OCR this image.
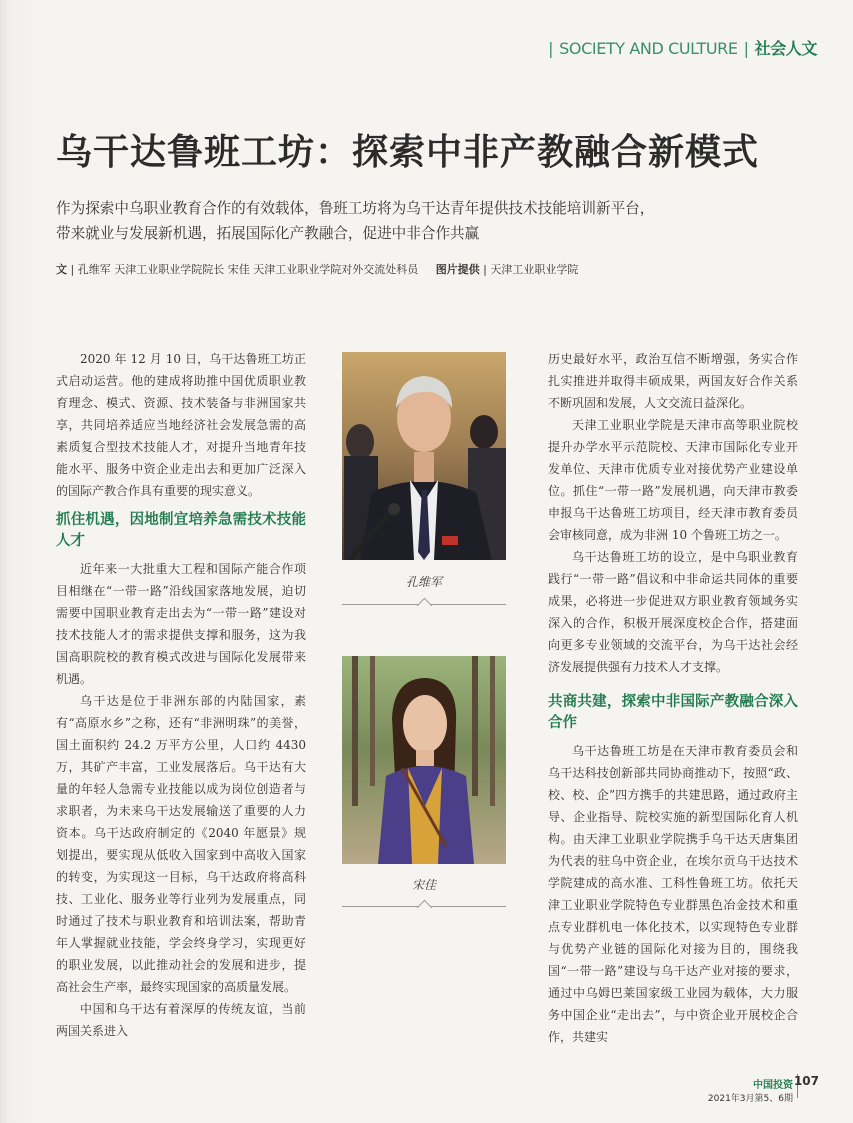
| SOCIETY AND CULTURE | 社会人文
乌干达鲁班工坊：探索中非产教融合新模式
作为探索中乌职业教育合作的有效载体，鲁班工坊将为乌干达青年提供技术技能培训新平台，
带来就业与发展新机遇，拓展国际化产教融合，促进中非合作共赢
文 | 孔维军 天津工业职业学院院长 宋佳 天津工业职业学院对外交流处科员 图片提供 | 天津工业职业学院

2020 年 12 月 10 日，乌干达鲁班工坊正式启动运营。他的建成将助推中国优质职业教育理念、模式、资源、技术装备与非洲国家共享，共同培养适应当地经济社会发展急需的高素质复合型技术技能人才，对提升当地青年技能水平、服务中资企业走出去和更加广泛深入的国际产教合作具有重要的现实意义。

抓住机遇，因地制宜培养急需技术技能人才

近年来一大批重大工程和国际产能合作项目相继在“一带一路”沿线国家落地发展，迫切需要中国职业教育走出去为“一带一路”建设对技术技能人才的需求提供支撑和服务，这为我国高职院校的教育模式改进与国际化发展带来机遇。

乌干达是位于非洲东部的内陆国家，素有“高原水乡”之称，还有“非洲明珠”的美誉，国土面积约 24.2 万平方公里，人口约 4430 万，其矿产丰富，工业发展落后。乌干达有大量的年轻人急需专业技能以成为岗位创造者与求职者，为未来乌干达发展输送了重要的人力资本。乌干达政府制定的《2040 年愿景》规划提出，要实现从低收入国家到中高收入国家的转变，为实现这一目标，乌干达政府将高科技、工业化、服务业等行业列为发展重点，同时通过了技术与职业教育和培训法案，帮助青年人掌握就业技能，学会终身学习，实现更好的职业发展，以此推动社会的发展和进步，提高社会生产率，最终实现国家的高质量发展。

中国和乌干达有着深厚的传统友谊，当前两国关系进入

孔维军
宋佳

历史最好水平，政治互信不断增强，务实合作扎实推进并取得丰硕成果，两国友好合作关系不断巩固和发展，人文交流日益深化。

天津工业职业学院是天津市高等职业院校提升办学水平示范院校、天津市国际化专业开发单位、天津市优质专业对接优势产业建设单位。抓住“一带一路”发展机遇，向天津市教委申报乌干达鲁班工坊项目，经天津市教育委员会审核同意，成为非洲 10 个鲁班工坊之一。

乌干达鲁班工坊的设立，是中乌职业教育践行“一带一路”倡议和中非命运共同体的重要成果，必将进一步促进双方职业教育领域务实深入的合作，积极开展深度校企合作，搭建面向更多专业领域的交流平台，为乌干达社会经济发展提供强有力技术人才支撑。

共商共建，探索中非国际产教融合深入合作

乌干达鲁班工坊是在天津市教育委员会和乌干达科技创新部共同协商推动下，按照“政、校、校、企”四方携手的共建思路，通过政府主导、企业指导、院校实施的新型国际化育人机构。由天津工业职业学院携手乌干达天唐集团为代表的驻乌中资企业，在埃尔贡乌干达技术学院建成的高水准、工科性鲁班工坊。依托天津工业职业学院特色专业群黑色冶金技术和重点专业群机电一体化技术，以实现特色专业群与优势产业链的国际化对接为目的，围绕我国“一带一路”建设与乌干达产业对接的要求，通过中乌姆巴莱国家级工业园为载体，大力服务中国企业“走出去”，与中资企业开展校企合作，共建实

中国投资
2021年3月第5、6期
107
